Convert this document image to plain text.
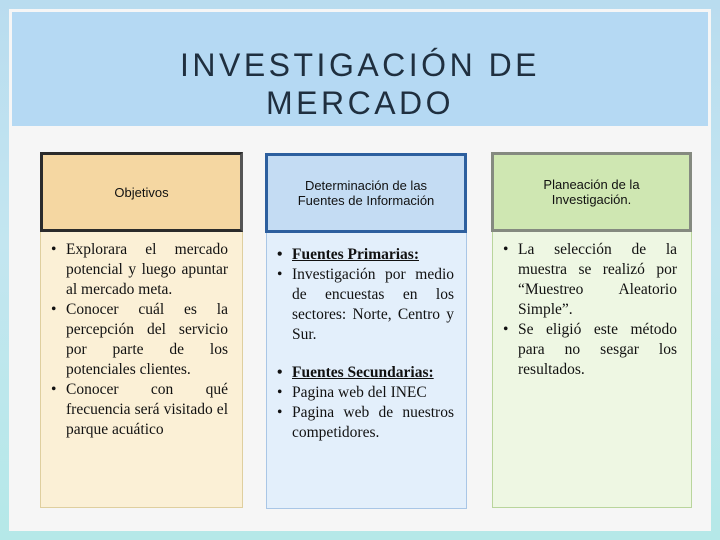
INVESTIGACIÓN DE
MERCADO
Objetivos
• Explorara el mercado potencial y luego apuntar al mercado meta.
• Conocer cuál es la percepción del servicio por parte de los potenciales clientes.
• Conocer con qué frecuencia será visitado el parque acuático
Determinación de las Fuentes de Información
• Fuentes Primarias:
• Investigación por medio de encuestas en los sectores: Norte, Centro y Sur.
• Fuentes Secundarias:
• Pagina web del INEC
• Pagina web de nuestros competidores.
Planeación de la Investigación.
• La selección de la muestra se realizó por “Muestreo Aleatorio Simple”.
• Se eligió este método para no sesgar los resultados.
